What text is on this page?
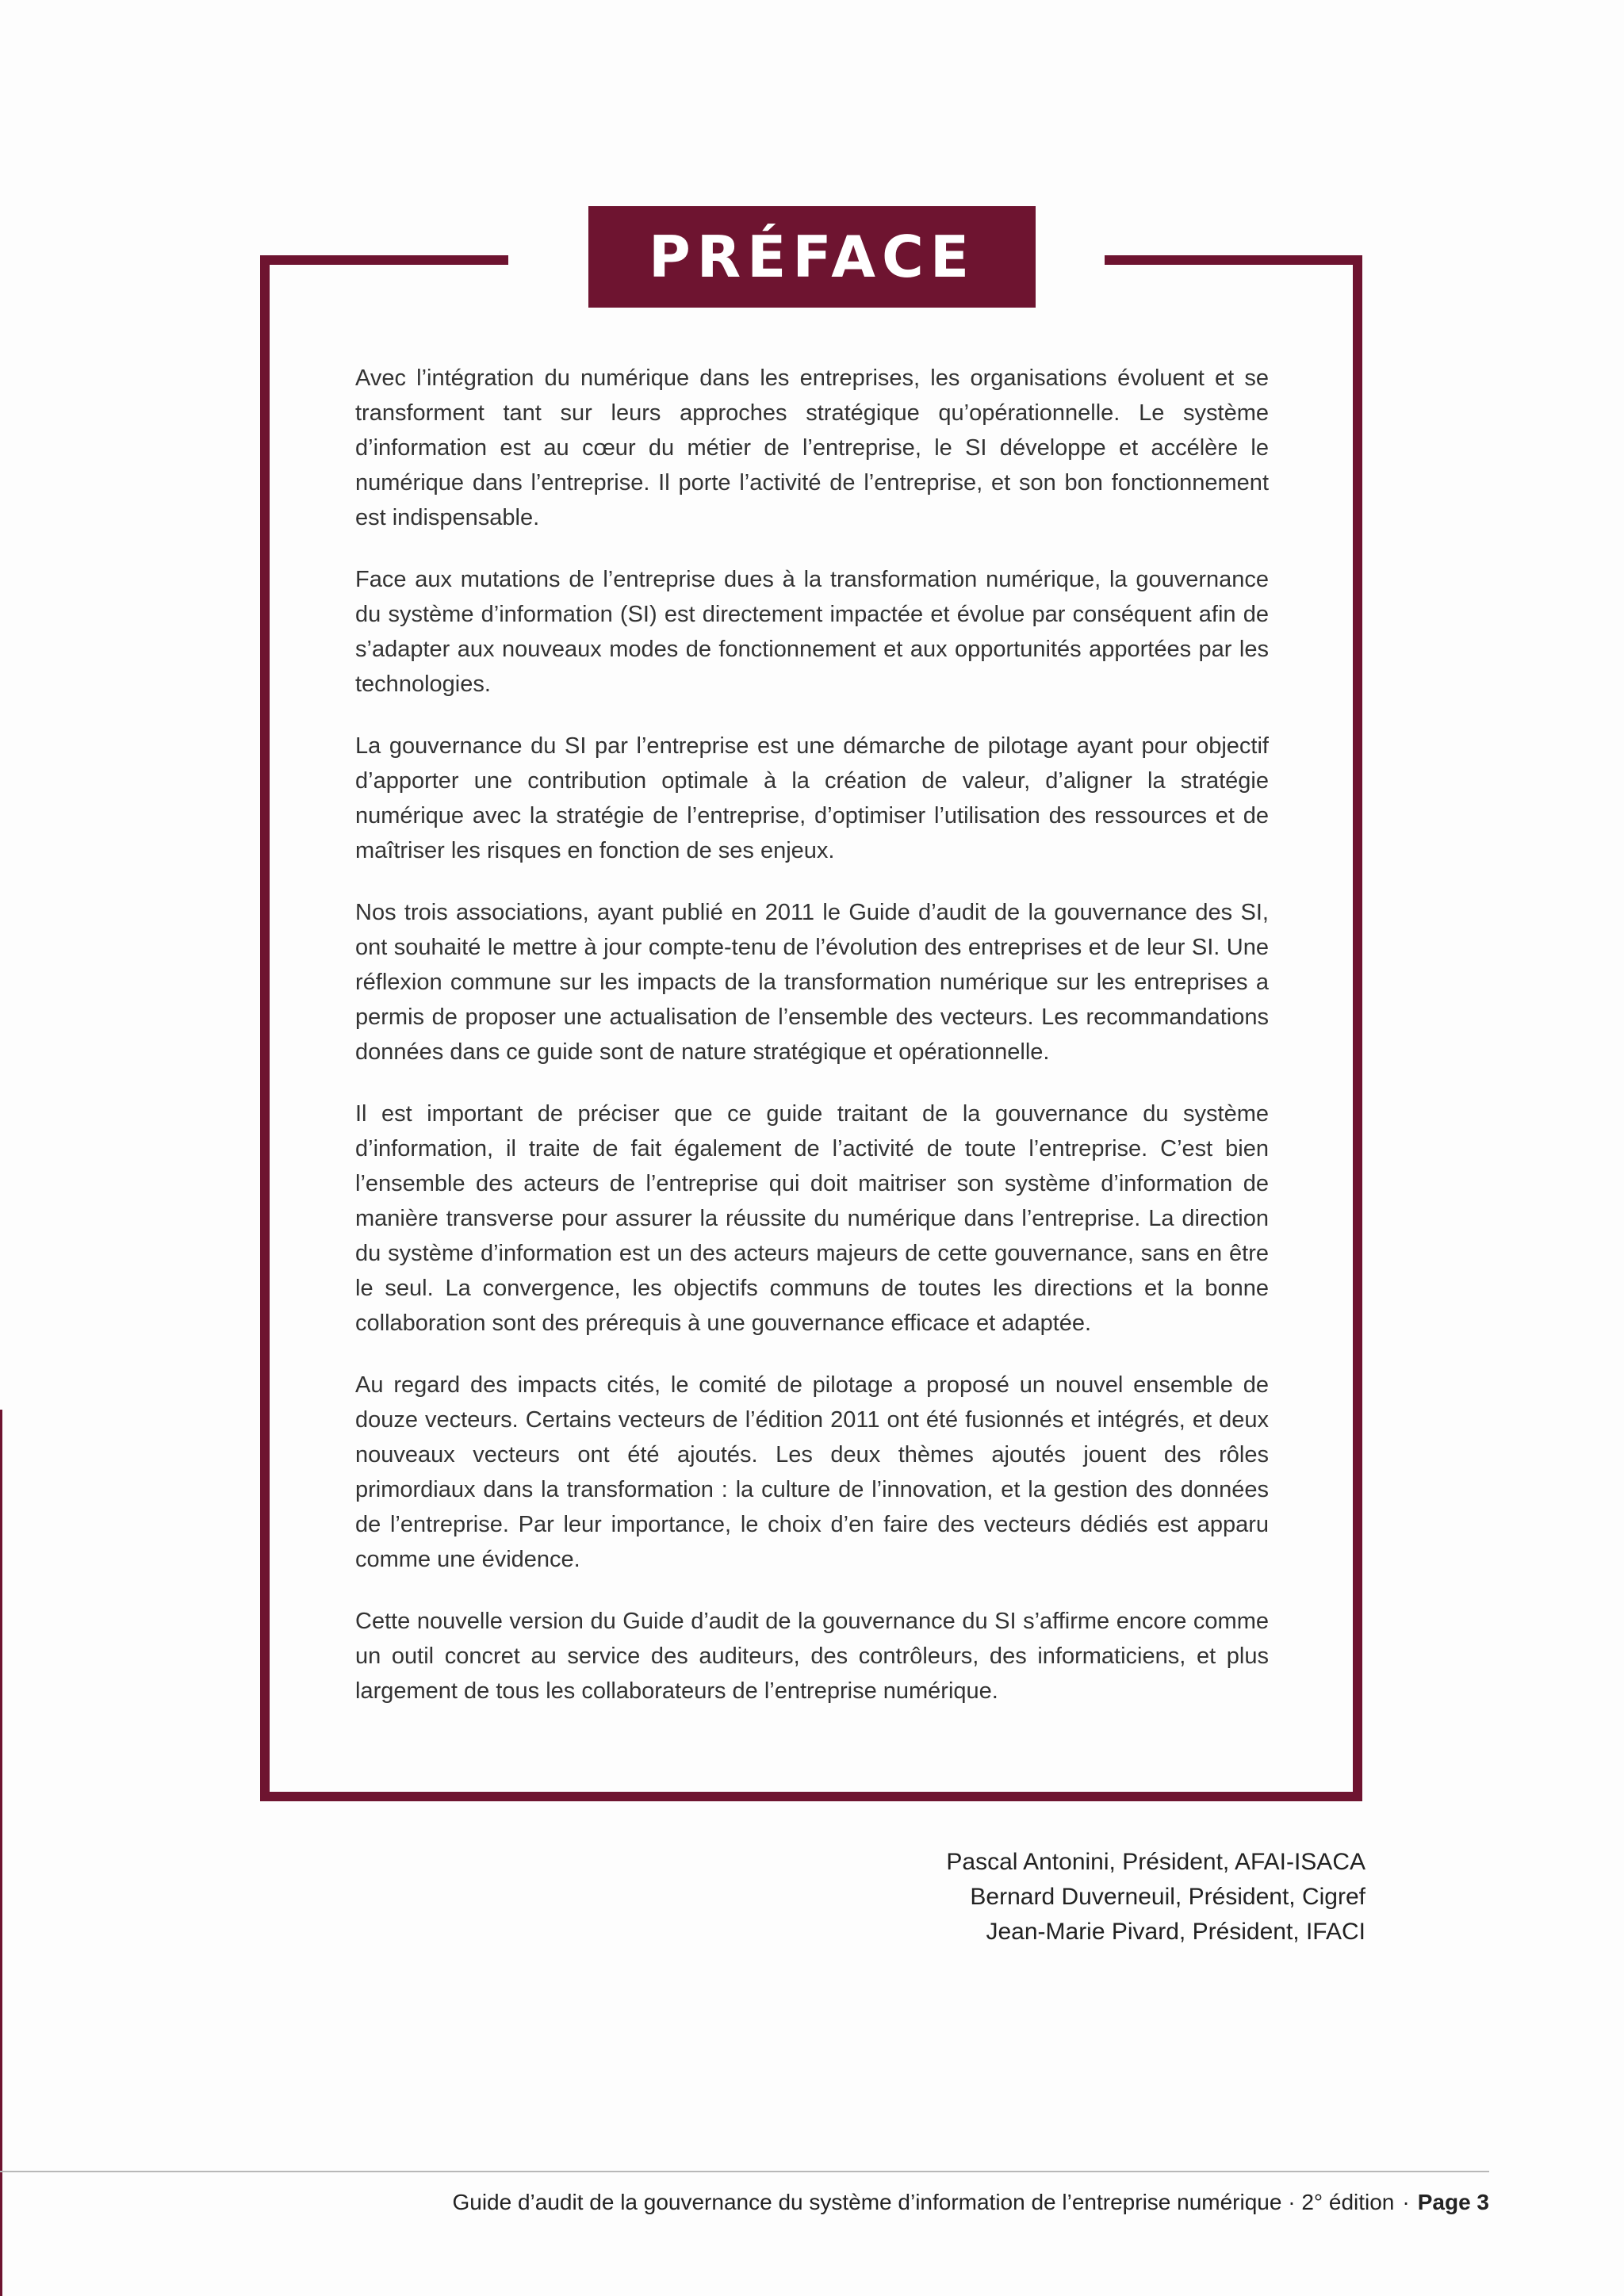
PRÉFACE

Avec l’intégration du numérique dans les entreprises, les organisations évoluent et se transforment tant sur leurs approches stratégique qu’opérationnelle. Le système d’information est au cœur du métier de l’entreprise, le SI développe et accélère le numérique dans l’entreprise. Il porte l’activité de l’entreprise, et son bon fonctionnement est indispensable.

Face aux mutations de l’entreprise dues à la transformation numérique, la gouvernance du système d’information (SI) est directement impactée et évolue par conséquent afin de s’adapter aux nouveaux modes de fonctionnement et aux opportunités apportées par les technologies.

La gouvernance du SI par l’entreprise est une démarche de pilotage ayant pour objectif d’apporter une contribution optimale à la création de valeur, d’aligner la stratégie numérique avec la stratégie de l’entreprise, d’optimiser l’utilisation des ressources et de maîtriser les risques en fonction de ses enjeux.

Nos trois associations, ayant publié en 2011 le Guide d’audit de la gouvernance des SI, ont souhaité le mettre à jour compte-tenu de l’évolution des entreprises et de leur SI. Une réflexion commune sur les impacts de la transformation numérique sur les entreprises a permis de proposer une actualisation de l’ensemble des vecteurs. Les recommandations données dans ce guide sont de nature stratégique et opérationnelle.

Il est important de préciser que ce guide traitant de la gouvernance du système d’information, il traite de fait également de l’activité de toute l’entreprise. C’est bien l’ensemble des acteurs de l’entreprise qui doit maitriser son système d’information de manière transverse pour assurer la réussite du numérique dans l’entreprise. La direction du système d’information est un des acteurs majeurs de cette gouvernance, sans en être le seul. La convergence, les objectifs communs de toutes les directions et la bonne collaboration sont des prérequis à une gouvernance efficace et adaptée.

Au regard des impacts cités, le comité de pilotage a proposé un nouvel ensemble de douze vecteurs. Certains vecteurs de l’édition 2011 ont été fusionnés et intégrés, et deux nouveaux vecteurs ont été ajoutés. Les deux thèmes ajoutés jouent des rôles primordiaux dans la transformation : la culture de l’innovation, et la gestion des données de l’entreprise. Par leur importance, le choix d’en faire des vecteurs dédiés est apparu comme une évidence.

Cette nouvelle version du Guide d’audit de la gouvernance du SI s’affirme encore comme un outil concret au service des auditeurs, des contrôleurs, des informaticiens, et plus largement de tous les collaborateurs de l’entreprise numérique.

Pascal Antonini, Président, AFAI-ISACA
Bernard Duverneuil, Président, Cigref
Jean-Marie Pivard, Président, IFACI
Guide d’audit de la gouvernance du système d’information de l’entreprise numérique · 2° édition · Page 3
